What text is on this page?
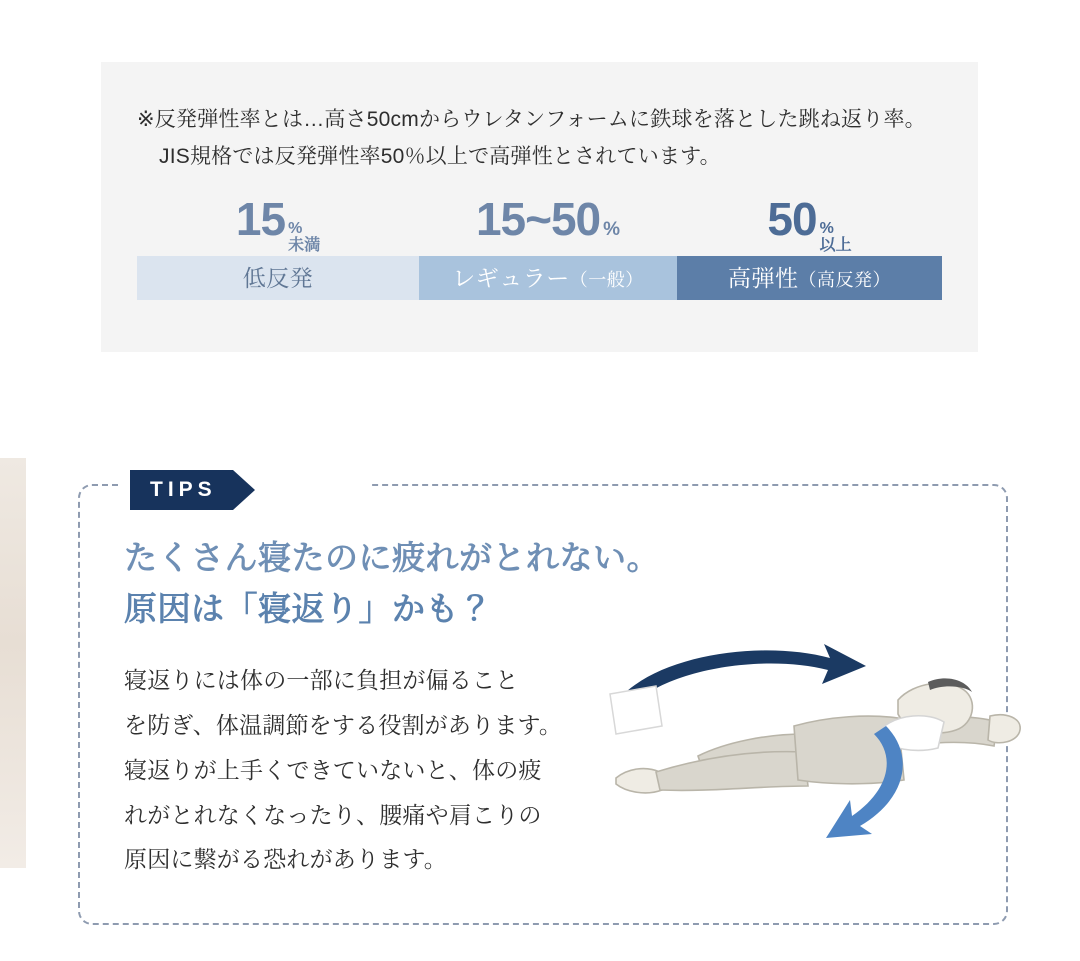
※反発弾性率とは…高さ50cmからウレタンフォームに鉄球を落とした跳ね返り率。
JIS規格では反発弾性率50％以上で高弾性とされています。
15 %
未満
低反発
15~50 %
レギュラー（一般）
50 %
以上
高弾性（高反発）
TIPS
たくさん寝たのに疲れがとれない。
原因は「寝返り」かも？
寝返りには体の一部に負担が偏ること
を防ぎ、体温調節をする役割があります。
寝返りが上手くできていないと、体の疲
れがとれなくなったり、腰痛や肩こりの
原因に繋がる恐れがあります。
